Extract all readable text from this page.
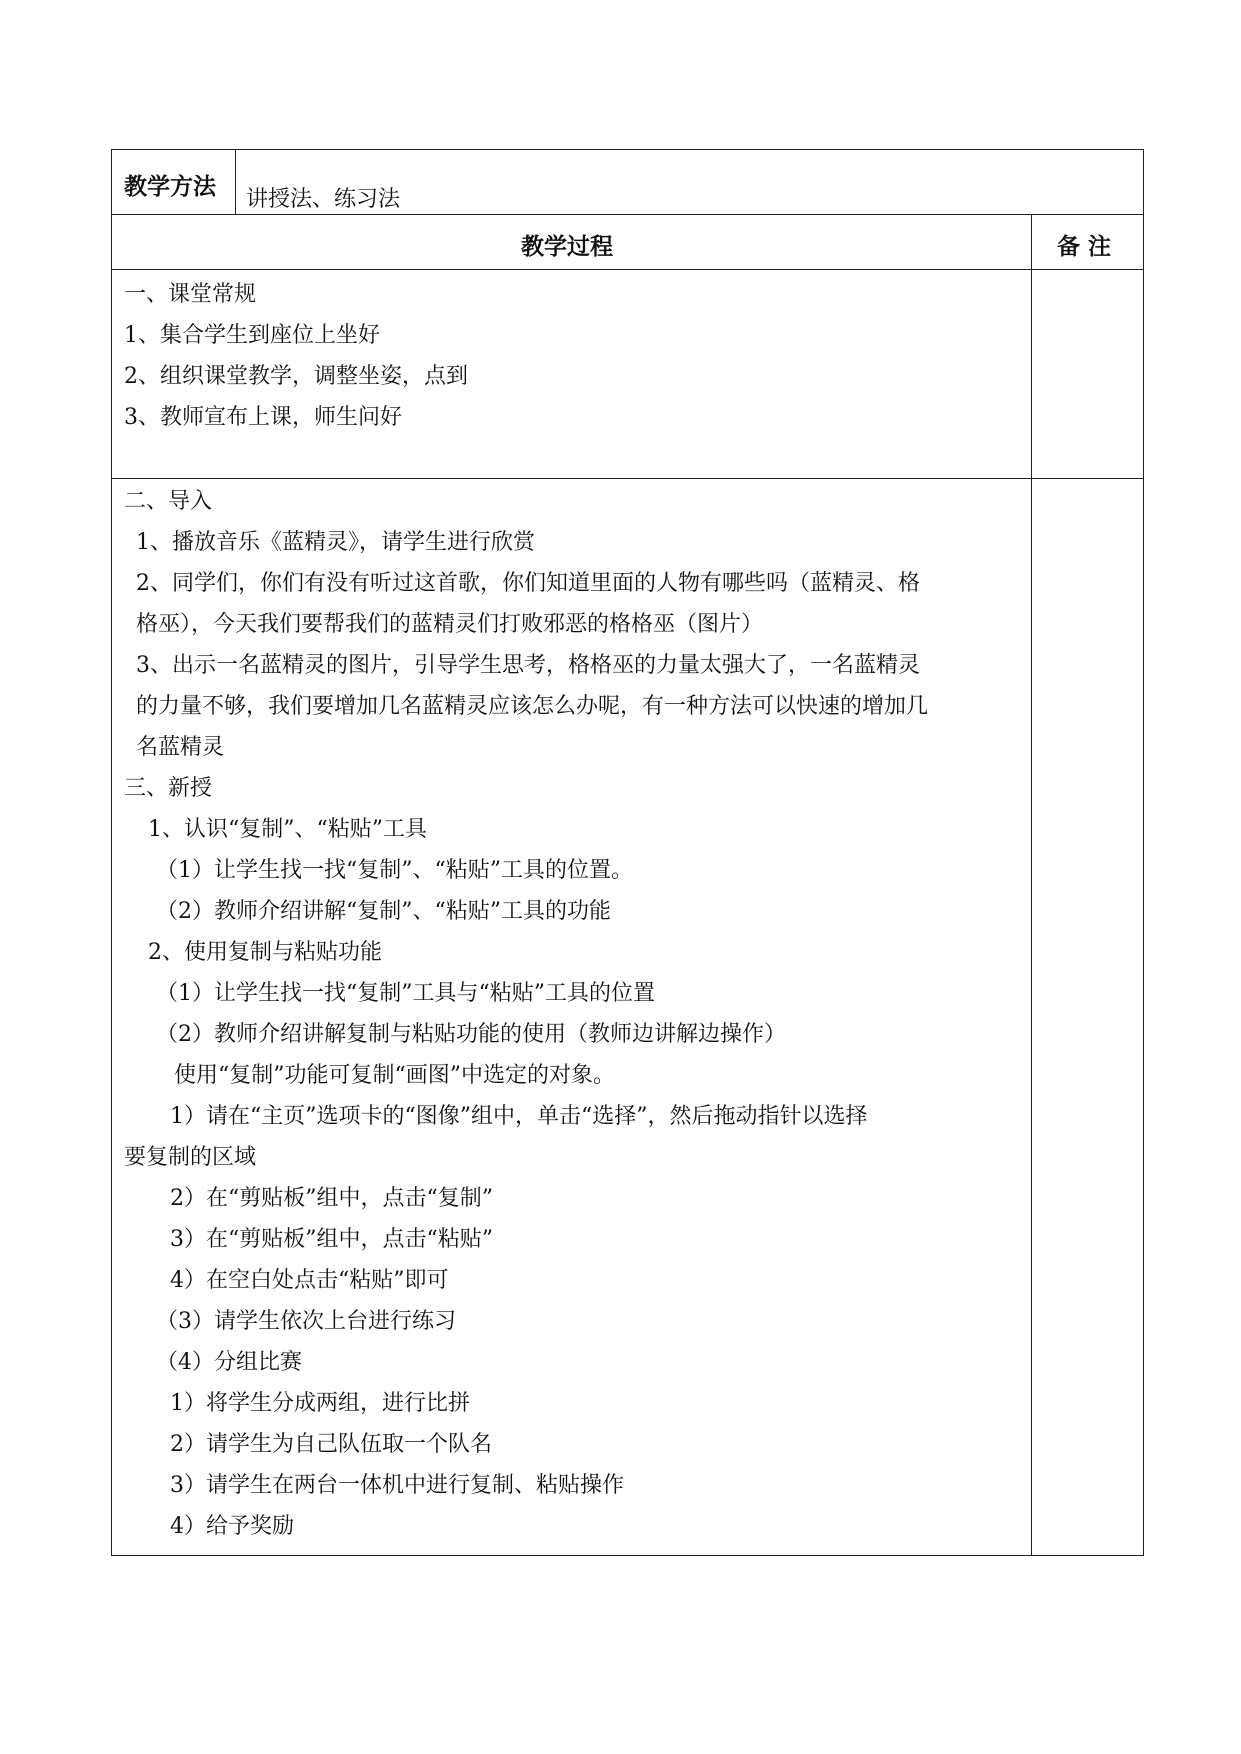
教学方法 讲授法、练习法
教学过程	备 注
一、课堂常规
1、集合学生到座位上坐好
2、组织课堂教学，调整坐姿，点到
3、教师宣布上课，师生问好
二、导入
1、播放音乐《蓝精灵》，请学生进行欣赏
2、同学们，你们有没有听过这首歌，你们知道里面的人物有哪些吗（蓝精灵、格
格巫），今天我们要帮我们的蓝精灵们打败邪恶的格格巫（图片）
3、出示一名蓝精灵的图片，引导学生思考，格格巫的力量太强大了，一名蓝精灵
的力量不够，我们要增加几名蓝精灵应该怎么办呢，有一种方法可以快速的增加几
名蓝精灵
三、新授
1、认识“复制”、“粘贴”工具
（1）让学生找一找“复制”、“粘贴”工具的位置。
（2）教师介绍讲解“复制”、“粘贴”工具的功能
2、使用复制与粘贴功能
（1）让学生找一找“复制”工具与“粘贴”工具的位置
（2）教师介绍讲解复制与粘贴功能的使用（教师边讲解边操作）
使用“复制”功能可复制“画图”中选定的对象。
1）请在“主页”选项卡的“图像”组中，单击“选择”，然后拖动指针以选择
要复制的区域
2）在“剪贴板”组中，点击“复制”
3）在“剪贴板”组中，点击“粘贴”
4）在空白处点击“粘贴”即可
（3）请学生依次上台进行练习
（4）分组比赛
1）将学生分成两组，进行比拼
2）请学生为自己队伍取一个队名
3）请学生在两台一体机中进行复制、粘贴操作
4）给予奖励
